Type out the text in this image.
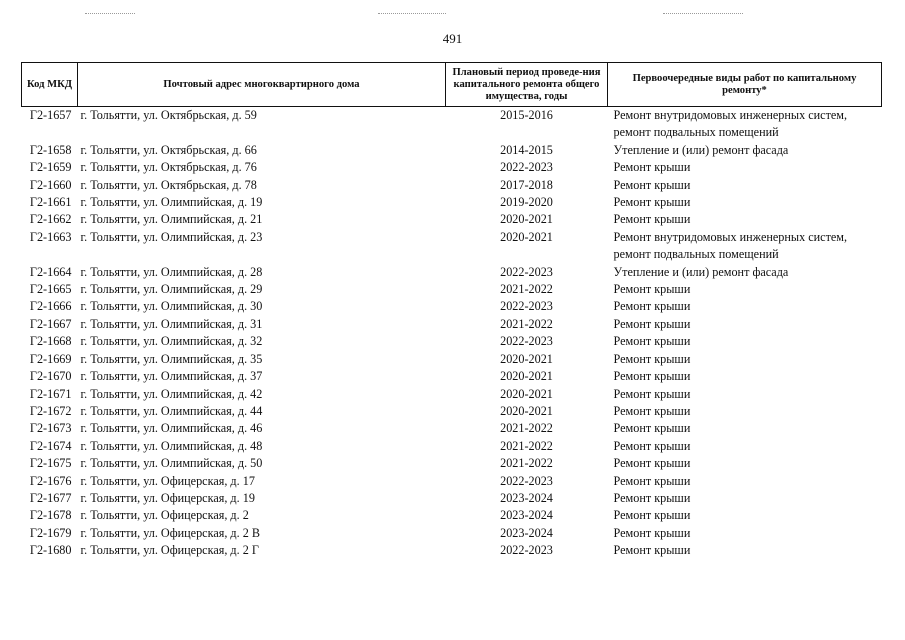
491
Код МКД	Почтовый адрес многоквартирного дома	Плановый период проведе-ния капитального ремонта общего имущества, годы	Первоочередные виды работ по капитальному ремонту*
Г2-1657	г. Тольятти, ул. Октябрьская, д. 59	2015-2016	Ремонт внутридомовых инженерных систем,
ремонт подвальных помещений

Г2-1658	г. Тольятти, ул. Октябрьская, д. 66	2014-2015	Утепление и (или) ремонт фасада

Г2-1659	г. Тольятти, ул. Октябрьская, д. 76	2022-2023	Ремонт крыши

Г2-1660	г. Тольятти, ул. Октябрьская, д. 78	2017-2018	Ремонт крыши

Г2-1661	г. Тольятти, ул. Олимпийская, д. 19	2019-2020	Ремонт крыши

Г2-1662	г. Тольятти, ул. Олимпийская, д. 21	2020-2021	Ремонт крыши

Г2-1663	г. Тольятти, ул. Олимпийская, д. 23	2020-2021	Ремонт внутридомовых инженерных систем,
ремонт подвальных помещений

Г2-1664	г. Тольятти, ул. Олимпийская, д. 28	2022-2023	Утепление и (или) ремонт фасада

Г2-1665	г. Тольятти, ул. Олимпийская, д. 29	2021-2022	Ремонт крыши

Г2-1666	г. Тольятти, ул. Олимпийская, д. 30	2022-2023	Ремонт крыши

Г2-1667	г. Тольятти, ул. Олимпийская, д. 31	2021-2022	Ремонт крыши

Г2-1668	г. Тольятти, ул. Олимпийская, д. 32	2022-2023	Ремонт крыши

Г2-1669	г. Тольятти, ул. Олимпийская, д. 35	2020-2021	Ремонт крыши

Г2-1670	г. Тольятти, ул. Олимпийская, д. 37	2020-2021	Ремонт крыши

Г2-1671	г. Тольятти, ул. Олимпийская, д. 42	2020-2021	Ремонт крыши

Г2-1672	г. Тольятти, ул. Олимпийская, д. 44	2020-2021	Ремонт крыши

Г2-1673	г. Тольятти, ул. Олимпийская, д. 46	2021-2022	Ремонт крыши

Г2-1674	г. Тольятти, ул. Олимпийская, д. 48	2021-2022	Ремонт крыши

Г2-1675	г. Тольятти, ул. Олимпийская, д. 50	2021-2022	Ремонт крыши

Г2-1676	г. Тольятти, ул. Офицерская, д. 17	2022-2023	Ремонт крыши

Г2-1677	г. Тольятти, ул. Офицерская, д. 19	2023-2024	Ремонт крыши

Г2-1678	г. Тольятти, ул. Офицерская, д. 2	2023-2024	Ремонт крыши

Г2-1679	г. Тольятти, ул. Офицерская, д. 2 В	2023-2024	Ремонт крыши

Г2-1680	г. Тольятти, ул. Офицерская, д. 2 Г	2022-2023	Ремонт крыши
